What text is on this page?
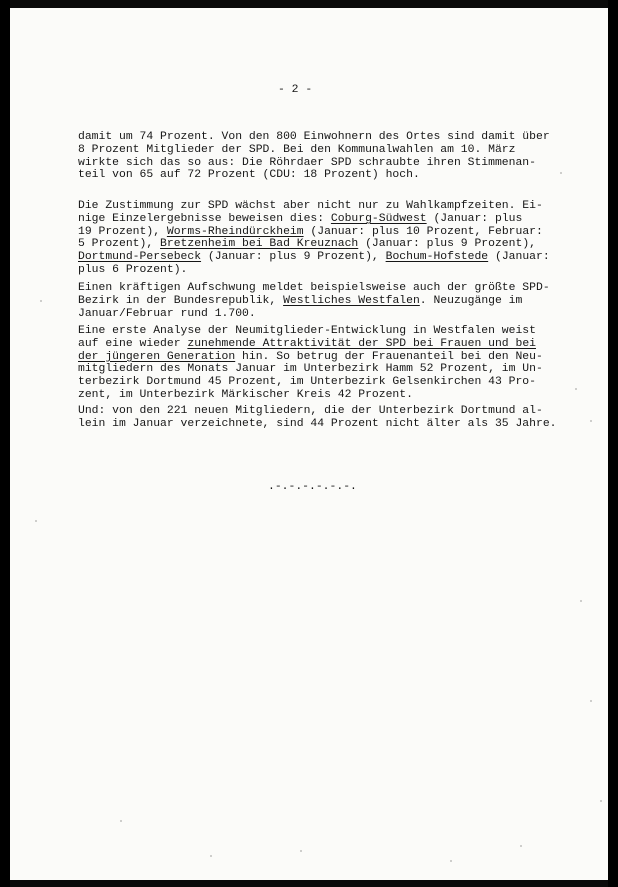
- 2 -
damit um 74 Prozent. Von den 800 Einwohnern des Ortes sind damit über
8 Prozent Mitglieder der SPD. Bei den Kommunalwahlen am 10. März
wirkte sich das so aus: Die Röhrdaer SPD schraubte ihren Stimmenan-
teil von 65 auf 72 Prozent (CDU: 18 Prozent) hoch.
Die Zustimmung zur SPD wächst aber nicht nur zu Wahlkampfzeiten. Ei-
nige Einzelergebnisse beweisen dies: Coburg-Südwest (Januar: plus
19 Prozent), Worms-Rheindürckheim (Januar: plus 10 Prozent, Februar:
5 Prozent), Bretzenheim bei Bad Kreuznach (Januar: plus 9 Prozent),
Dortmund-Persebeck (Januar: plus 9 Prozent), Bochum-Hofstede (Januar:
plus 6 Prozent).
Einen kräftigen Aufschwung meldet beispielsweise auch der größte SPD-
Bezirk in der Bundesrepublik, Westliches Westfalen. Neuzugänge im
Januar/Februar rund 1.700.
Eine erste Analyse der Neumitglieder-Entwicklung in Westfalen weist
auf eine wieder zunehmende Attraktivität der SPD bei Frauen und bei
der jüngeren Generation hin. So betrug der Frauenanteil bei den Neu-
mitgliedern des Monats Januar im Unterbezirk Hamm 52 Prozent, im Un-
terbezirk Dortmund 45 Prozent, im Unterbezirk Gelsenkirchen 43 Pro-
zent, im Unterbezirk Märkischer Kreis 42 Prozent.
Und: von den 221 neuen Mitgliedern, die der Unterbezirk Dortmund al-
lein im Januar verzeichnete, sind 44 Prozent nicht älter als 35 Jahre.
.-.-.-.-.-.-.
